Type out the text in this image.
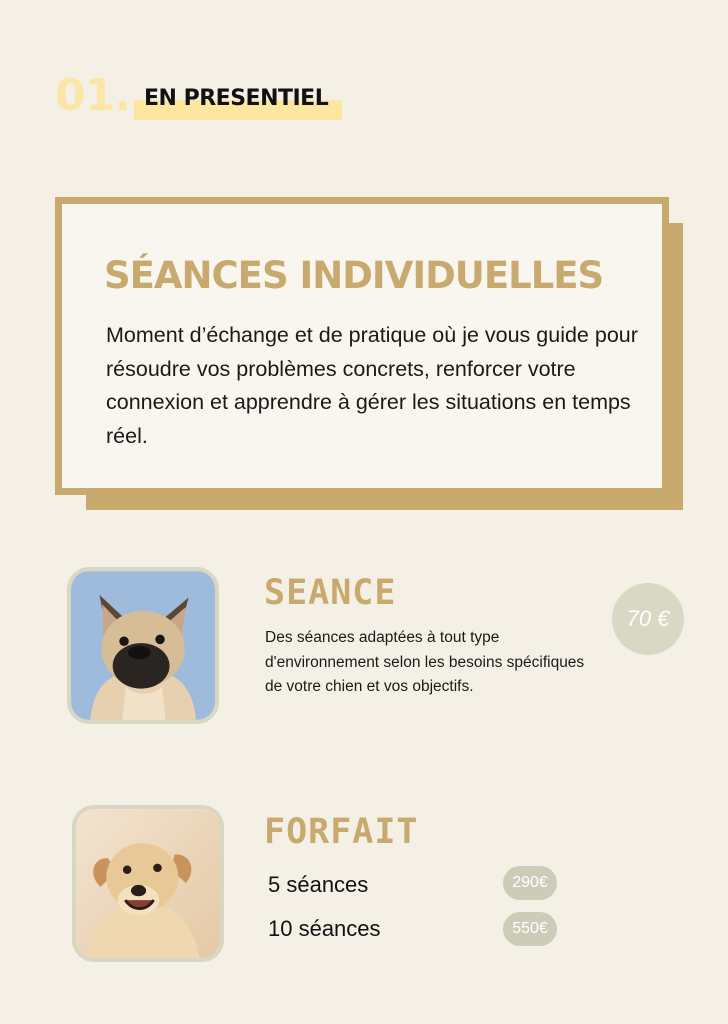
01. EN PRESENTIEL
SÉANCES INDIVIDUELLES
Moment d’échange et de pratique où je vous guide pour résoudre vos problèmes concrets, renforcer votre connexion et apprendre à gérer les situations en temps réel.
SEANCE
Des séances adaptées à tout type d'environnement selon les besoins spécifiques de votre chien et vos objectifs.
70 €
FORFAIT
5 séances	290€
10 séances	550€
